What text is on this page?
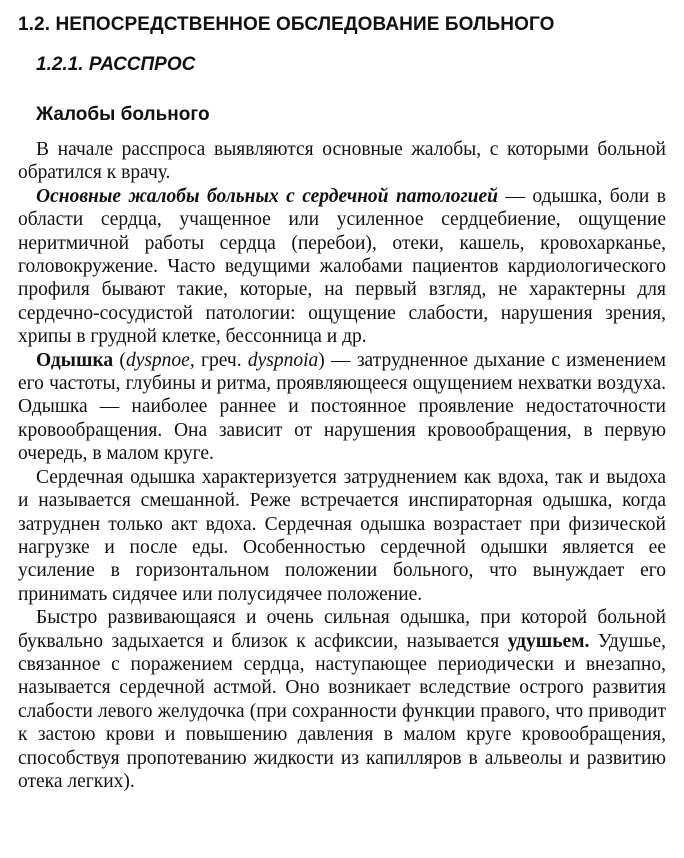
1.2. НЕПОСРЕДСТВЕННОЕ ОБСЛЕДОВАНИЕ БОЛЬНОГО
1.2.1. РАССПРОС
Жалобы больного

В начале расспроса выявляются основные жалобы, с которыми больной обратился к врачу.

Основные жалобы больных с сердечной патологией — одышка, боли в области сердца, учащенное или усиленное сердцебиение, ощущение неритмичной работы сердца (перебои), отеки, кашель, кровохарканье, головокружение. Часто ведущими жалобами пациентов кардиологического профиля бывают такие, которые, на первый взгляд, не характерны для сердечно-сосудистой патологии: ощущение слабости, нарушения зрения, хрипы в грудной клетке, бессонница и др.

Одышка (dyspnoe, греч. dyspnoia) — затрудненное дыхание с изменением его частоты, глубины и ритма, проявляющееся ощущением нехватки воздуха. Одышка — наиболее раннее и постоянное проявление недостаточности кровообращения. Она зависит от нарушения кровообращения, в первую очередь, в малом круге.

Сердечная одышка характеризуется затруднением как вдоха, так и выдоха и называется смешанной. Реже встречается инспираторная одышка, когда затруднен только акт вдоха. Сердечная одышка возрастает при физической нагрузке и после еды. Особенностью сердечной одышки является ее усиление в горизонтальном положении больного, что вынуждает его принимать сидячее или полусидячее положение.

Быстро развивающаяся и очень сильная одышка, при которой больной буквально задыхается и близок к асфиксии, называется удушьем. Удушье, связанное с поражением сердца, наступающее периодически и внезапно, называется сердечной астмой. Оно возникает вследствие острого развития слабости левого желудочка (при сохранности функции правого, что приводит к застою крови и повышению давления в малом круге кровообращения, способствуя пропотеванию жидкости из капилляров в альвеолы и развитию отека легких).
